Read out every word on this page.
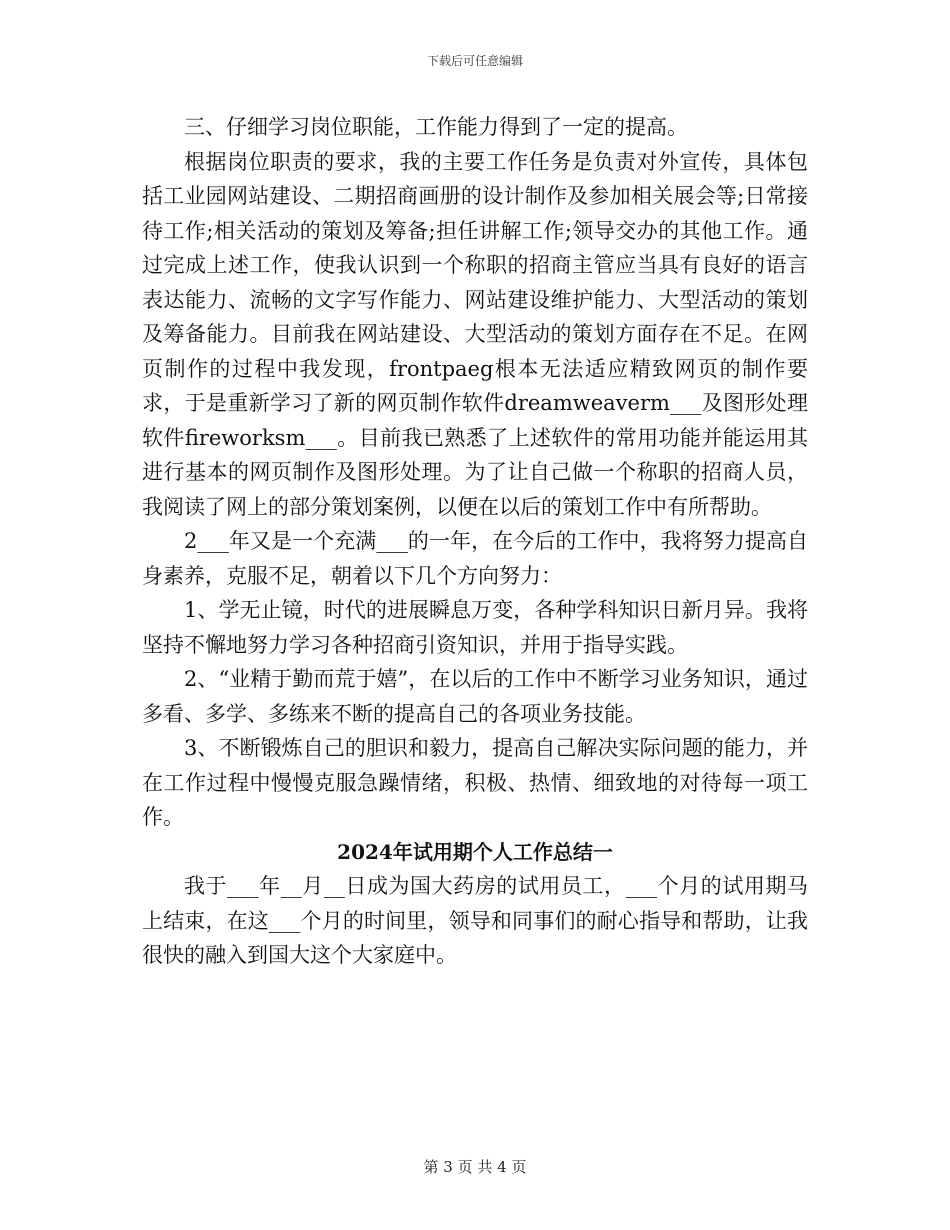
下载后可任意编辑

三、仔细学习岗位职能，工作能力得到了一定的提高。

根据岗位职责的要求，我的主要工作任务是负责对外宣传，具体包括工业园网站建设、二期招商画册的设计制作及参加相关展会等;日常接待工作;相关活动的策划及筹备;担任讲解工作;领导交办的其他工作。通过完成上述工作，使我认识到一个称职的招商主管应当具有良好的语言表达能力、流畅的文字写作能力、网站建设维护能力、大型活动的策划及筹备能力。目前我在网站建设、大型活动的策划方面存在不足。在网页制作的过程中我发现，frontpaeg根本无法适应精致网页的制作要求，于是重新学习了新的网页制作软件dreamweaverm___及图形处理软件fireworksm___。目前我已熟悉了上述软件的常用功能并能运用其进行基本的网页制作及图形处理。为了让自己做一个称职的招商人员，我阅读了网上的部分策划案例，以便在以后的策划工作中有所帮助。

2___年又是一个充满___的一年，在今后的工作中，我将努力提高自身素养，克服不足，朝着以下几个方向努力：

1、学无止镜，时代的进展瞬息万变，各种学科知识日新月异。我将坚持不懈地努力学习各种招商引资知识，并用于指导实践。

2、“业精于勤而荒于嬉”，在以后的工作中不断学习业务知识，通过多看、多学、多练来不断的提高自己的各项业务技能。

3、不断锻炼自己的胆识和毅力，提高自己解决实际问题的能力，并在工作过程中慢慢克服急躁情绪，积极、热情、细致地的对待每一项工作。

2024年试用期个人工作总结一

我于___年__月__日成为国大药房的试用员工，___个月的试用期马上结束，在这___个月的时间里，领导和同事们的耐心指导和帮助，让我很快的融入到国大这个大家庭中。

第 3 页 共 4 页
